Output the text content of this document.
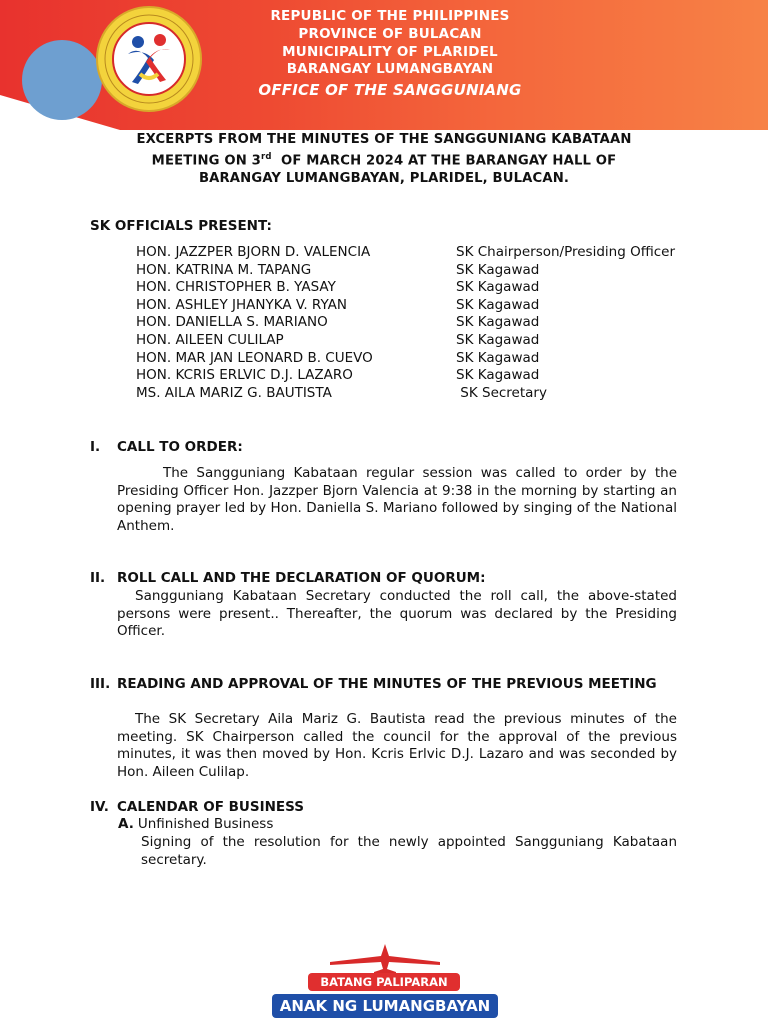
REPUBLIC OF THE PHILIPPINES
PROVINCE OF BULACAN
MUNICIPALITY OF PLARIDEL
BARANGAY LUMANGBAYAN
OFFICE OF THE SANGGUNIANG
EXCERPTS FROM THE MINUTES OF THE SANGGUNIANG KABATAAN
MEETING ON 3rd  OF MARCH 2024 AT THE BARANGAY HALL OF
BARANGAY LUMANGBAYAN, PLARIDEL, BULACAN.
SK OFFICIALS PRESENT:
HON. JAZZPER BJORN D. VALENCIA	SK Chairperson/Presiding Officer
HON. KATRINA M. TAPANG	SK Kagawad
HON. CHRISTOPHER B. YASAY	SK Kagawad
HON. ASHLEY JHANYKA V. RYAN	SK Kagawad
HON. DANIELLA S. MARIANO	SK Kagawad
HON. AILEEN CULILAP	SK Kagawad
HON. MAR JAN LEONARD B. CUEVO	SK Kagawad
HON. KCRIS ERLVIC D.J. LAZARO	SK Kagawad
MS. AILA MARIZ G. BAUTISTA	SK Secretary
I.	CALL TO ORDER:
The Sangguniang Kabataan regular session was called to order by the Presiding Officer Hon. Jazzper Bjorn Valencia at 9:38 in the morning by starting an opening prayer led by Hon. Daniella S. Mariano followed by singing of the National Anthem.
II. ROLL CALL AND THE DECLARATION OF QUORUM:
Sangguniang Kabataan Secretary conducted the roll call, the above-stated persons were present.. Thereafter, the quorum was declared by the Presiding Officer.
III. READING AND APPROVAL OF THE MINUTES OF THE PREVIOUS MEETING
The SK Secretary Aila Mariz G. Bautista read the previous minutes of the meeting. SK Chairperson called the council for the approval of the previous minutes, it was then moved by Hon. Kcris Erlvic D.J. Lazaro and was seconded by Hon. Aileen Culilap.
IV. CALENDAR OF BUSINESS
A. Unfinished Business
Signing of the resolution for the newly appointed Sangguniang Kabataan secretary.
BATANG PALIPARAN
ANAK NG LUMANGBAYAN
